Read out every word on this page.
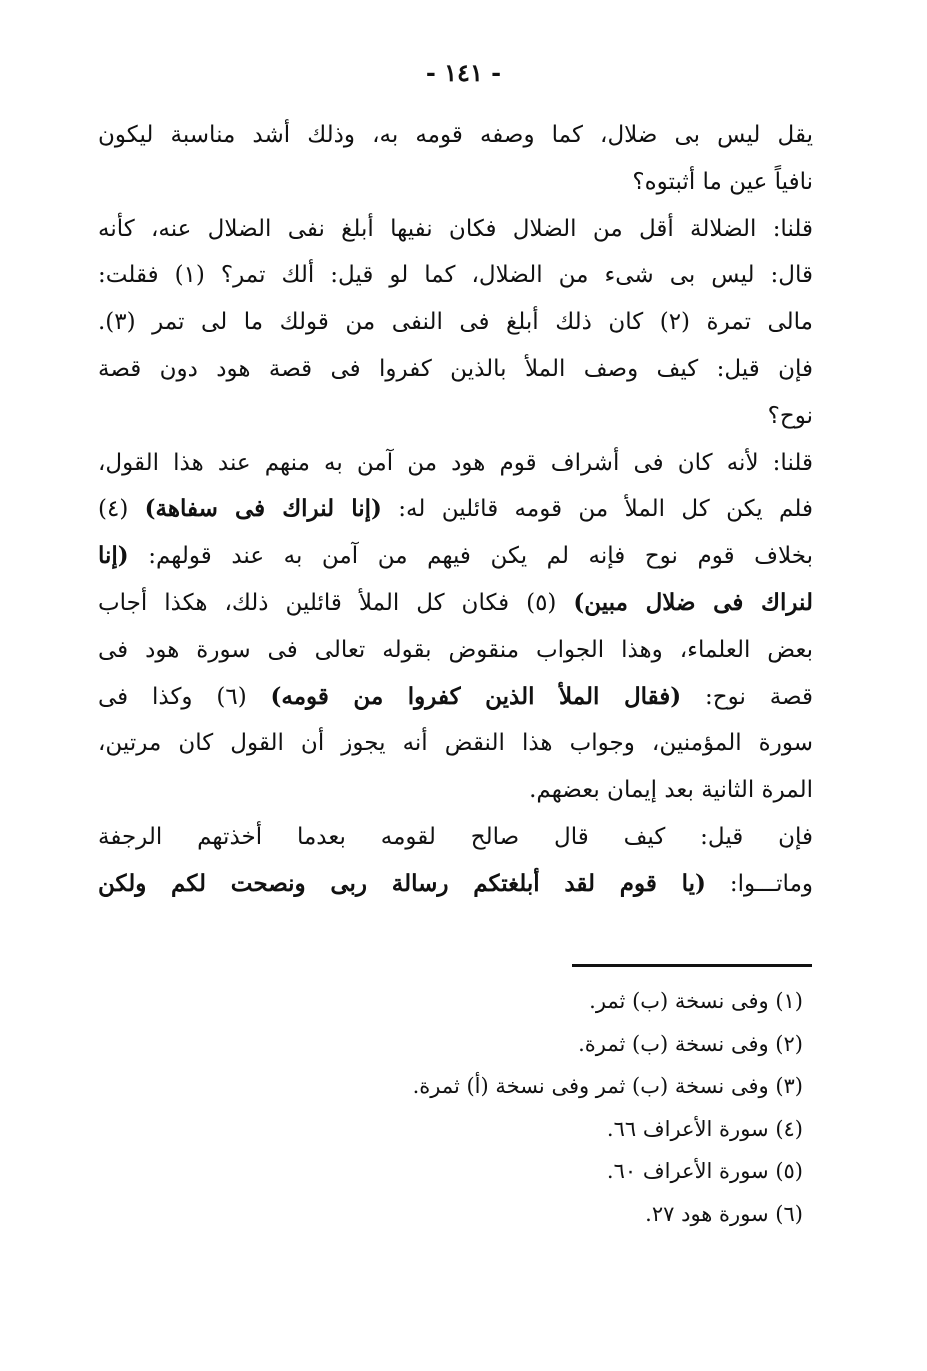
- ١٤١ -
يقل ليس بى ضلال، كما وصفه قومه به، وذلك أشد مناسبة ليكون
نافياً عين ما أثبتوه؟
قلنا: الضلالة أقل من الضلال فكان نفيها أبلغ نفى الضلال عنه، كأنه
قال: ليس بى شىء من الضلال، كما لو قيل: ألك تمر؟ (١) فقلت:
مالى تمرة (٢) كان ذلك أبلغ فى النفى من قولك ما لى تمر (٣).
فإن قيل: كيف وصف الملأ بالذين كفروا فى قصة هود دون قصة
نوح؟
قلنا: لأنه كان فى أشراف قوم هود من آمن به منهم عند هذا القول،
فلم يكن كل الملأ من قومه قائلين له: (إنا لنراك فى سفاهة) (٤)
بخلاف قوم نوح فإنه لم يكن فيهم من آمن به عند قولهم: (إنا
لنراك فى ضلال مبين) (٥) فكان كل الملأ قائلين ذلك، هكذا أجاب
بعض العلماء، وهذا الجواب منقوض بقوله تعالى فى سورة هود فى
قصة نوح: (فقال الملأ الذين كفروا من قومه) (٦) وكذا فى
سورة المؤمنين، وجواب هذا النقض أنه يجوز أن القول كان مرتين،
المرة الثانية بعد إيمان بعضهم.
فإن قيل: كيف قال صالح لقومه بعدما أخذتهم الرجفة
وماتـــوا: (يا قوم لقد أبلغتكم رسالة ربى ونصحت لكم ولكن
(١) وفى نسخة (ب) ثمر.
(٢) وفى نسخة (ب) ثمرة.
(٣) وفى نسخة (ب) ثمر وفى نسخة (أ) ثمرة.
(٤) سورة الأعراف ٦٦.
(٥) سورة الأعراف ٦٠.
(٦) سورة هود ٢٧.
